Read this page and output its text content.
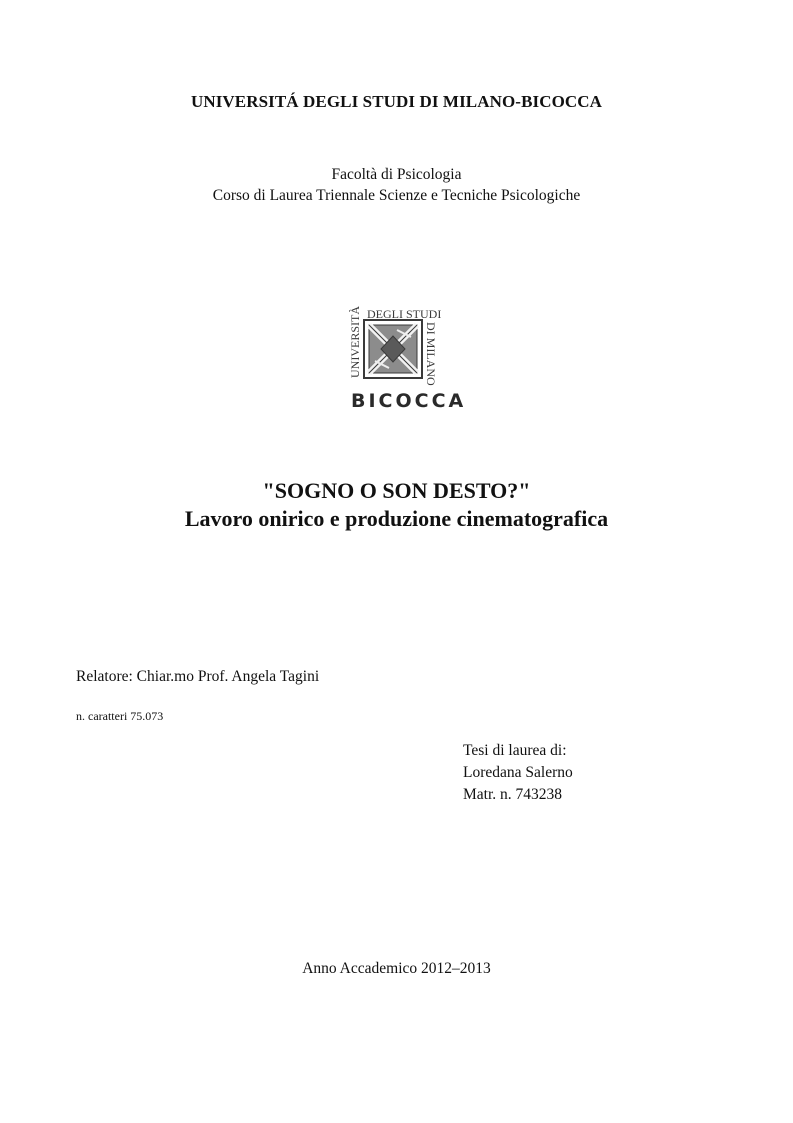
UNIVERSITÁ DEGLI STUDI DI MILANO-BICOCCA
Facoltà di Psicologia
Corso di Laurea Triennale Scienze e Tecniche Psicologiche
DEGLI STUDI
UNIVERSITÀ	DI MILANO
BICOCCA
"SOGNO O SON DESTO?"
Lavoro onirico e produzione cinematografica
Relatore: Chiar.mo Prof. Angela Tagini
n. caratteri 75.073
Tesi di laurea di:
Loredana Salerno
Matr. n. 743238
Anno Accademico 2012–2013
